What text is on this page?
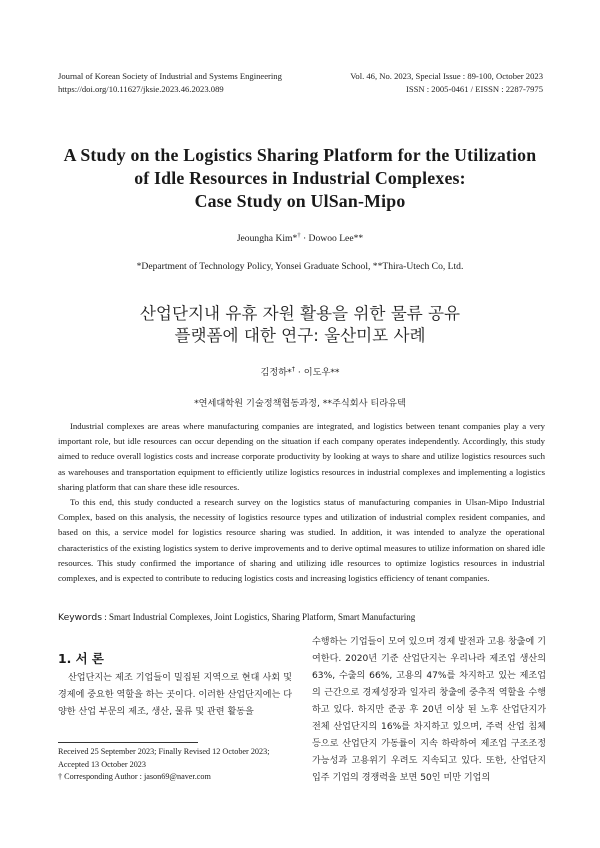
Journal of Korean Society of Industrial and Systems Engineering
https://doi.org/10.11627/jksie.2023.46.2023.089
Vol. 46, No. 2023, Special Issue : 89-100, October 2023
ISSN : 2005-0461 / EISSN : 2287-7975
A Study on the Logistics Sharing Platform for the Utilization
of Idle Resources in Industrial Complexes:
Case Study on UlSan-Mipo
Jeoungha Kim*† · Dowoo Lee**
*Department of Technology Policy, Yonsei Graduate School, **Thira-Utech Co, Ltd.
산업단지내 유휴 자원 활용을 위한 물류 공유
플랫폼에 대한 연구: 울산미포 사례
김정하*† · 이도우**
*연세대학원 기술정책협동과정, **주식회사 티라유텍

Industrial complexes are areas where manufacturing companies are integrated, and logistics between tenant companies play a very important role, but idle resources can occur depending on the situation if each company operates independently. Accordingly, this study aimed to reduce overall logistics costs and increase corporate productivity by looking at ways to share and utilize logistics resources such as warehouses and transportation equipment to efficiently utilize logistics resources in industrial complexes and implementing a logistics sharing platform that can share these idle resources.

To this end, this study conducted a research survey on the logistics status of manufacturing companies in Ulsan-Mipo Industrial Complex, based on this analysis, the necessity of logistics resource types and utilization of industrial complex resident companies, and based on this, a service model for logistics resource sharing was studied. In addition, it was intended to analyze the operational characteristics of the existing logistics system to derive improvements and to derive optimal measures to utilize information on shared idle resources. This study confirmed the importance of sharing and utilizing idle resources to optimize logistics resources in industrial complexes, and is expected to contribute to reducing logistics costs and increasing logistics efficiency of tenant companies.

Keywords : Smart Industrial Complexes, Joint Logistics, Sharing Platform, Smart Manufacturing
1. 서 론

산업단지는 제조 기업들이 밀집된 지역으로 현대 사회 및 경제에 중요한 역할을 하는 곳이다. 이러한 산업단지에는 다양한 산업 부문의 제조, 생산, 물류 및 관련 활동을

수행하는 기업들이 모여 있으며 경제 발전과 고용 창출에 기여한다. 2020년 기준 산업단지는 우리나라 제조업 생산의 63%, 수출의 66%, 고용의 47%를 차지하고 있는 제조업의 근간으로 경제성장과 일자리 창출에 중추적 역할을 수행하고 있다. 하지만 준공 후 20년 이상 된 노후 산업단지가 전체 산업단지의 16%를 차지하고 있으며, 주력 산업 침체 등으로 산업단지 가동률이 지속 하락하여 제조업 구조조정 가능성과 고용위기 우려도 지속되고 있다. 또한, 산업단지 입주 기업의 경쟁력을 보면 50인 미만 기업의

Received 25 September 2023; Finally Revised 12 October 2023;
Accepted 13 October 2023
† Corresponding Author : jason69@naver.com
